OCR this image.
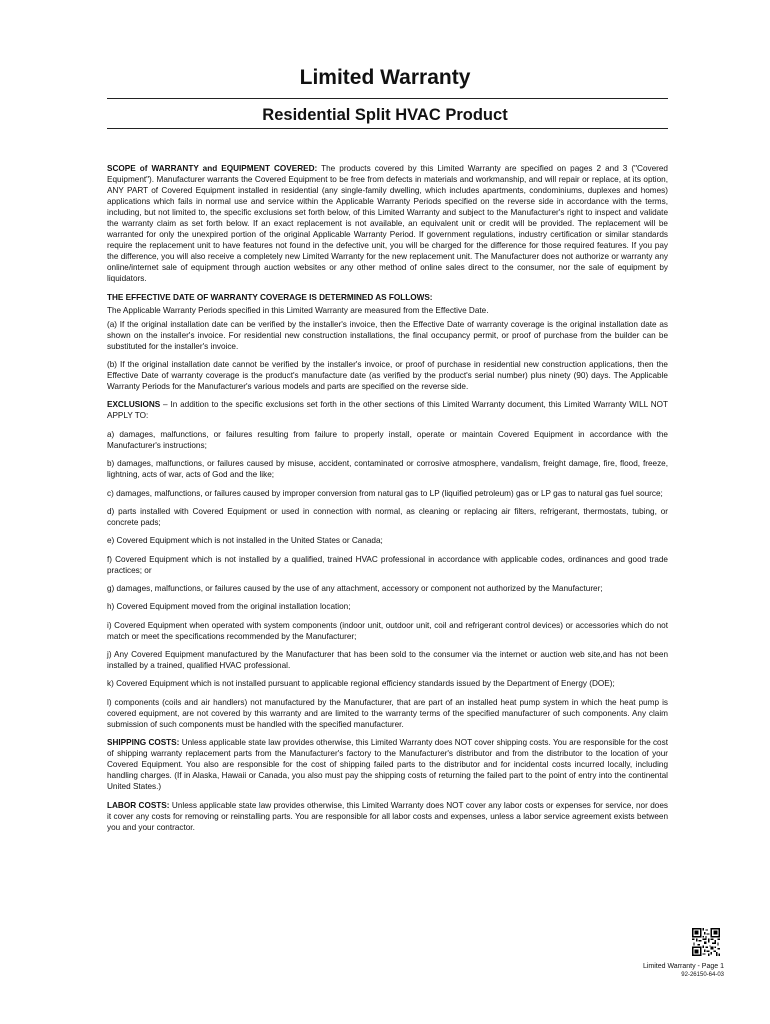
Limited Warranty
Residential Split HVAC Product

SCOPE of WARRANTY and EQUIPMENT COVERED: The products covered by this Limited Warranty are specified on pages 2 and 3 ("Covered Equipment"). Manufacturer warrants the Covered Equipment to be free from defects in materials and workmanship, and will repair or replace, at its option, ANY PART of Covered Equipment installed in residential (any single-family dwelling, which includes apartments, condominiums, duplexes and homes) applications which fails in normal use and service within the Applicable Warranty Periods specified on the reverse side in accordance with the terms, including, but not limited to, the specific exclusions set forth below, of this Limited Warranty and subject to the Manufacturer's right to inspect and validate the warranty claim as set forth below. If an exact replacement is not available, an equivalent unit or credit will be provided. The replacement will be warranted for only the unexpired portion of the original Applicable Warranty Period. If government regulations, industry certification or similar standards require the replacement unit to have features not found in the defective unit, you will be charged for the difference for those required features. If you pay the difference, you will also receive a completely new Limited Warranty for the new replacement unit. The Manufacturer does not authorize or warranty any online/internet sale of equipment through auction websites or any other method of online sales direct to the consumer, nor the sale of equipment by liquidators.

THE EFFECTIVE DATE OF WARRANTY COVERAGE IS DETERMINED AS FOLLOWS:

The Applicable Warranty Periods specified in this Limited Warranty are measured from the Effective Date.

(a) If the original installation date can be verified by the installer's invoice, then the Effective Date of warranty coverage is the original installation date as shown on the installer's invoice. For residential new construction installations, the final occupancy permit, or proof of purchase from the builder can be substituted for the installer's invoice.

(b) If the original installation date cannot be verified by the installer's invoice, or proof of purchase in residential new construction applications, then the Effective Date of warranty coverage is the product's manufacture date (as verified by the product's serial number) plus ninety (90) days. The Applicable Warranty Periods for the Manufacturer's various models and parts are specified on the reverse side.

EXCLUSIONS – In addition to the specific exclusions set forth in the other sections of this Limited Warranty document, this Limited Warranty WILL NOT APPLY TO:

a) damages, malfunctions, or failures resulting from failure to properly install, operate or maintain Covered Equipment in accordance with the Manufacturer's instructions;

b) damages, malfunctions, or failures caused by misuse, accident, contaminated or corrosive atmosphere, vandalism, freight damage, fire, flood, freeze, lightning, acts of war, acts of God and the like;

c) damages, malfunctions, or failures caused by improper conversion from natural gas to LP (liquified petroleum) gas or LP gas to natural gas fuel source;

d) parts installed with Covered Equipment or used in connection with normal, as cleaning or replacing air filters, refrigerant, thermostats, tubing, or concrete pads;

e) Covered Equipment which is not installed in the United States or Canada;

f) Covered Equipment which is not installed by a qualified, trained HVAC professional in accordance with applicable codes, ordinances and good trade practices; or

g) damages, malfunctions, or failures caused by the use of any attachment, accessory or component not authorized by the Manufacturer;

h) Covered Equipment moved from the original installation location;

i) Covered Equipment when operated with system components (indoor unit, outdoor unit, coil and refrigerant control devices) or accessories which do not match or meet the specifications recommended by the Manufacturer;

j) Any Covered Equipment manufactured by the Manufacturer that has been sold to the consumer via the internet or auction web site,and has not been installed by a trained, qualified HVAC professional.

k) Covered Equipment which is not installed pursuant to applicable regional efficiency standards issued by the Department of Energy (DOE);

l) components (coils and air handlers) not manufactured by the Manufacturer, that are part of an installed heat pump system in which the heat pump is covered equipment, are not covered by this warranty and are limited to the warranty terms of the specified manufacturer of such components. Any claim submission of such components must be handled with the specified manufacturer.

SHIPPING COSTS: Unless applicable state law provides otherwise, this Limited Warranty does NOT cover shipping costs. You are responsible for the cost of shipping warranty replacement parts from the Manufacturer's factory to the Manufacturer's distributor and from the distributor to the location of your Covered Equipment. You also are responsible for the cost of shipping failed parts to the distributor and for incidental costs incurred locally, including handling charges. (If in Alaska, Hawaii or Canada, you also must pay the shipping costs of returning the failed part to the point of entry into the continental United States.)

LABOR COSTS: Unless applicable state law provides otherwise, this Limited Warranty does NOT cover any labor costs or expenses for service, nor does it cover any costs for removing or reinstalling parts. You are responsible for all labor costs and expenses, unless a labor service agreement exists between you and your contractor.

Limited Warranty - Page 1
92-26150-64-03
